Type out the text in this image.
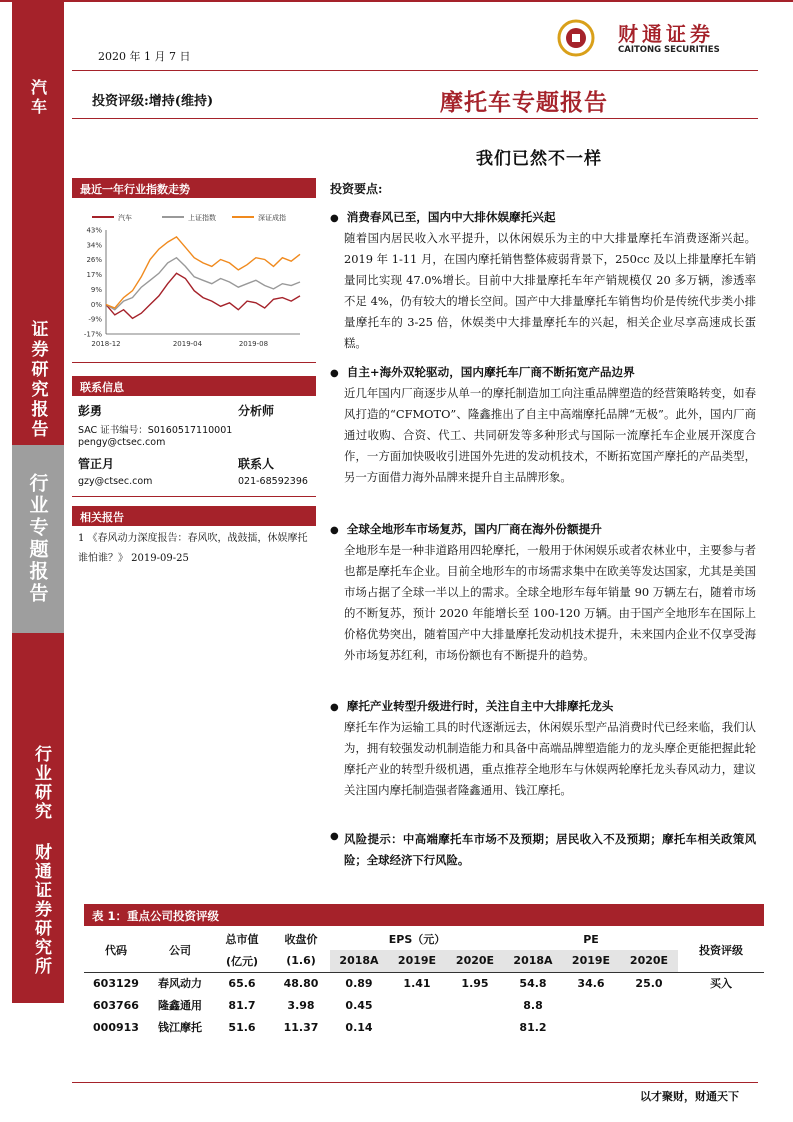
汽车
证券研究报告
行业专题报告
行业研究 财通证券研究所
2020 年 1 月 7 日
投资评级:增持(维持)	摩托车专题报告
我们已然不一样
财通证券
CAITONG SECURITIES
最近一年行业指数走势
汽车	上证指数	深证成指
43%
34%
26%
17%
9%
0%
-9%
-17%
2018-12	2019-04	2019-08
联系信息
彭勇	分析师
SAC 证书编号：S0160517110001
pengy@ctsec.com
管正月	联系人
gzy@ctsec.com	021-68592396
相关报告
1 《春风动力深度报告：春风吹，战鼓擂，休娱摩托谁怕谁？》 2019-09-25
投资要点:
● 消费春风已至，国内中大排休娱摩托兴起
随着国内居民收入水平提升，以休闲娱乐为主的中大排量摩托车消费逐渐兴起。2019 年 1-11 月，在国内摩托销售整体疲弱背景下，250cc 及以上排量摩托车销量同比实现 47.0%增长。目前中大排量摩托车年产销规模仅 20 多万辆，渗透率不足 4%，仍有较大的增长空间。国产中大排量摩托车销售均价是传统代步类小排量摩托车的 3-25 倍，休娱类中大排量摩托车的兴起，相关企业尽享高速成长蛋糕。
● 自主+海外双轮驱动，国内摩托车厂商不断拓宽产品边界
近几年国内厂商逐步从单一的摩托制造加工向注重品牌塑造的经营策略转变，如春风打造的“CFMOTO”、隆鑫推出了自主中高端摩托品牌“无极”。此外，国内厂商通过收购、合资、代工、共同研发等多种形式与国际一流摩托车企业展开深度合作，一方面加快吸收引进国外先进的发动机技术，不断拓宽国产摩托的产品类型，另一方面借力海外品牌来提升自主品牌形象。
● 全球全地形车市场复苏，国内厂商在海外份额提升
全地形车是一种非道路用四轮摩托，一般用于休闲娱乐或者农林业中，主要参与者也都是摩托车企业。目前全地形车的市场需求集中在欧美等发达国家，尤其是美国市场占据了全球一半以上的需求。全球全地形车每年销量 90 万辆左右，随着市场的不断复苏，预计 2020 年能增长至 100-120 万辆。由于国产全地形车在国际上价格优势突出，随着国产中大排量摩托发动机技术提升，未来国内企业不仅享受海外市场复苏红利，市场份额也有不断提升的趋势。
● 摩托产业转型升级进行时，关注自主中大排摩托龙头
摩托车作为运输工具的时代逐渐远去，休闲娱乐型产品消费时代已经来临，我们认为，拥有较强发动机制造能力和具备中高端品牌塑造能力的龙头摩企更能把握此轮摩托产业的转型升级机遇，重点推荐全地形车与休娱两轮摩托龙头春风动力，建议关注国内摩托制造强者隆鑫通用、钱江摩托。
● 风险提示：中高端摩托车市场不及预期；居民收入不及预期；摩托车相关政策风险；全球经济下行风险。
表 1：重点公司投资评级
代码	公司	总市值	收盘价	EPS（元）			PE			投资评级
		(亿元)	(1.6)	2018A	2019E	2020E	2018A	2019E	2020E	
603129	春风动力	65.6	48.80	0.89	1.41	1.95	54.8	34.6	25.0	买入
603766	隆鑫通用	81.7	3.98	0.45			8.8			
000913	钱江摩托	51.6	11.37	0.14			81.2			
以才聚财，财通天下
